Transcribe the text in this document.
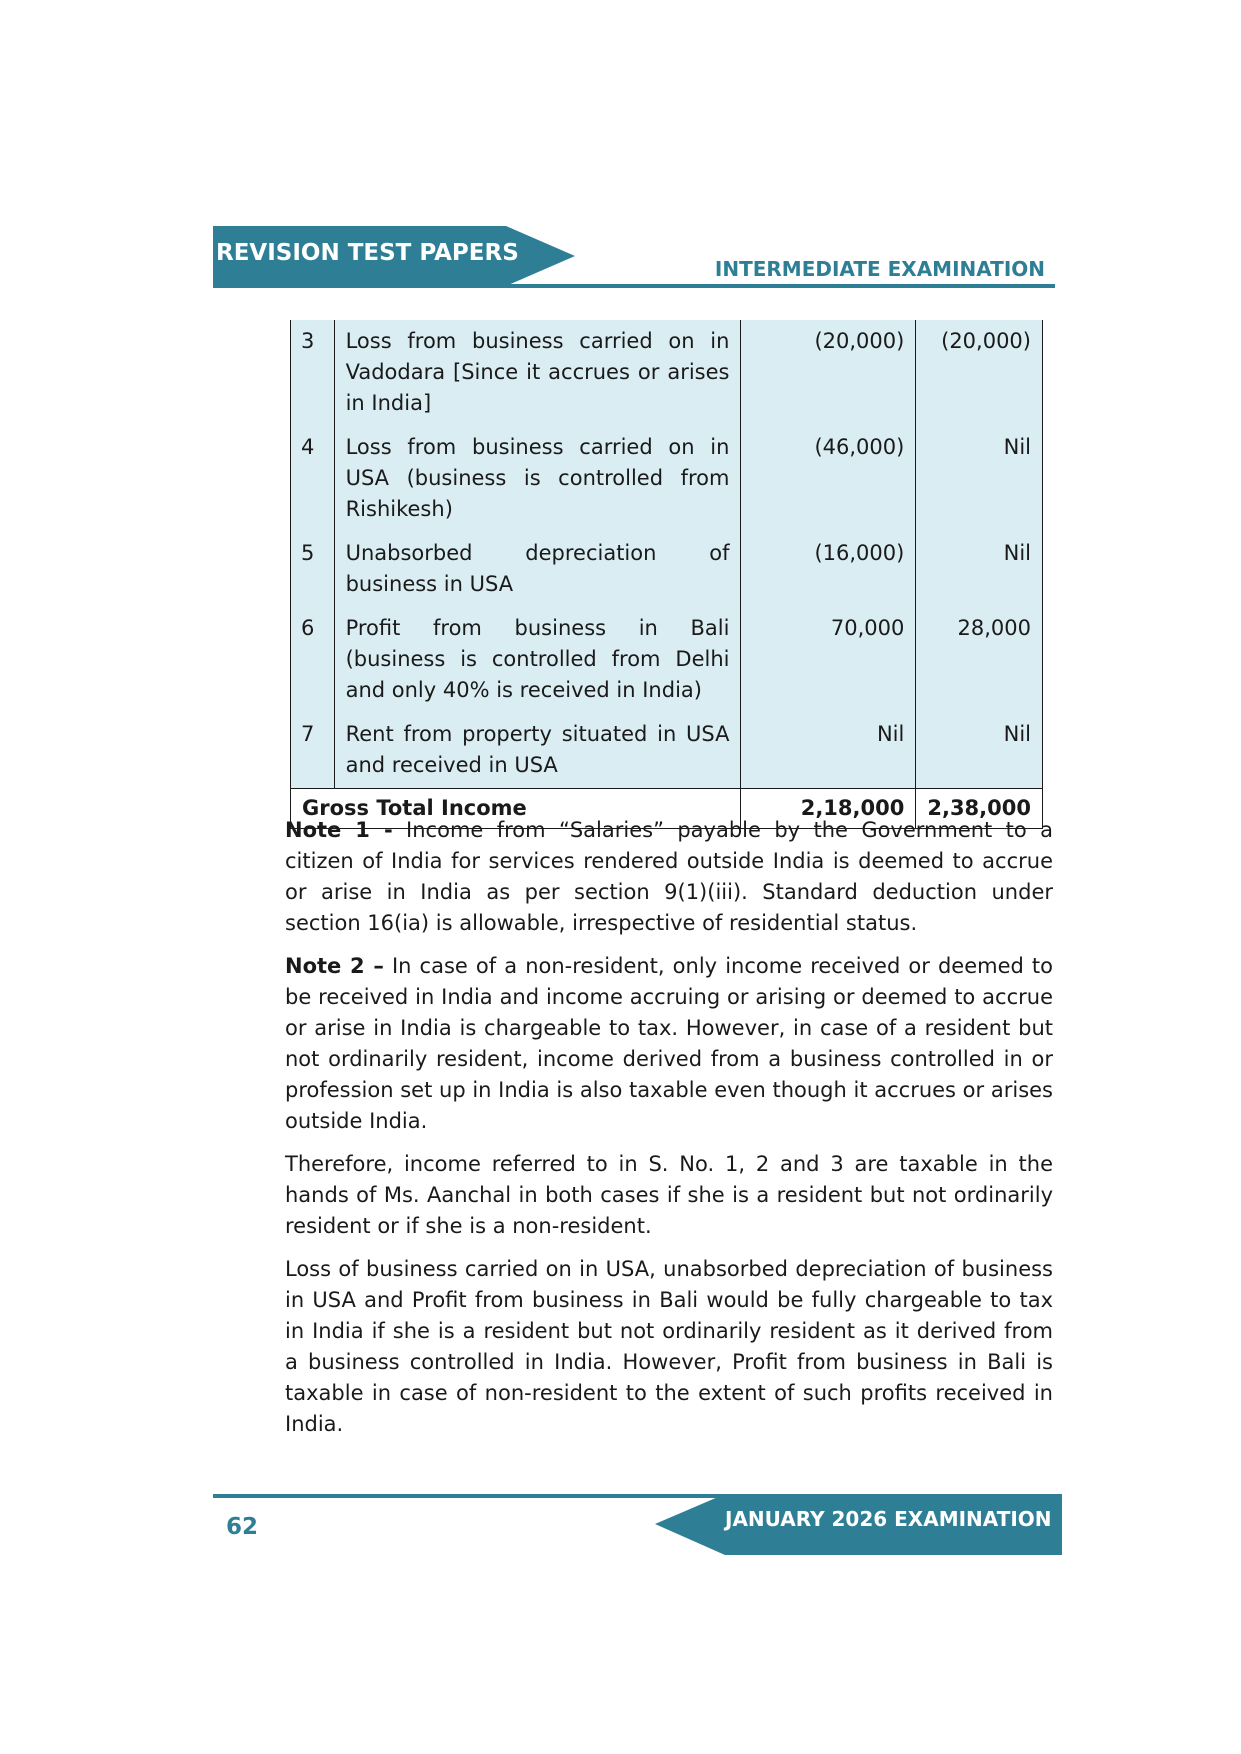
REVISION TEST PAPERS
INTERMEDIATE EXAMINATION
3	Loss from business carried on in Vadodara [Since it accrues or arises in India]	(20,000)	(20,000)
4	Loss from business carried on in USA (business is controlled from Rishikesh)	(46,000)	Nil
5	Unabsorbed depreciation of business in USA	(16,000)	Nil
6	Profit from business in Bali (business is controlled from Delhi and only 40% is received in India)	70,000	28,000
7	Rent from property situated in USA and received in USA	Nil	Nil
Gross Total Income		2,18,000	2,38,000

Note 1 - Income from “Salaries” payable by the Government to a citizen of India for services rendered outside India is deemed to accrue or arise in India as per section 9(1)(iii). Standard deduction under section 16(ia) is allowable, irrespective of residential status.

Note 2 – In case of a non-resident, only income received or deemed to be received in India and income accruing or arising or deemed to accrue or arise in India is chargeable to tax. However, in case of a resident but not ordinarily resident, income derived from a business controlled in or profession set up in India is also taxable even though it accrues or arises outside India.

Therefore, income referred to in S. No. 1, 2 and 3 are taxable in the hands of Ms. Aanchal in both cases if she is a resident but not ordinarily resident or if she is a non-resident.

Loss of business carried on in USA, unabsorbed depreciation of business in USA and Profit from business in Bali would be fully chargeable to tax in India if she is a resident but not ordinarily resident as it derived from a business controlled in India. However, Profit from business in Bali is taxable in case of non-resident to the extent of such profits received in India.

62	JANUARY 2026 EXAMINATION
